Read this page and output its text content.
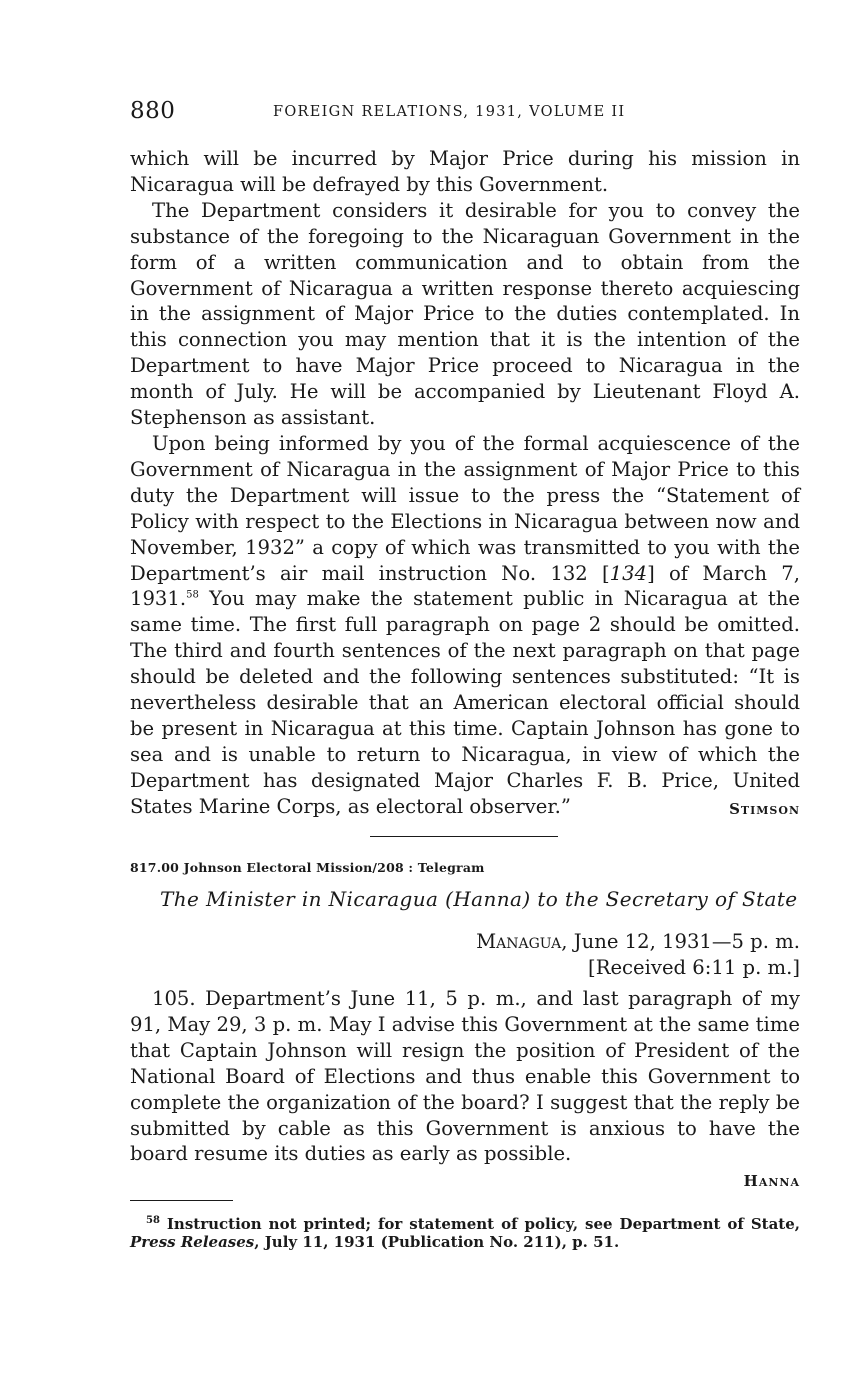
880	FOREIGN RELATIONS, 1931, VOLUME II

which will be incurred by Major Price during his mission in Nicaragua will be defrayed by this Government.

The Department considers it desirable for you to convey the substance of the foregoing to the Nicaraguan Government in the form of a written communication and to obtain from the Government of Nicaragua a written response thereto acquiescing in the assignment of Major Price to the duties contemplated. In this connection you may mention that it is the intention of the Department to have Major Price proceed to Nicaragua in the month of July. He will be accompanied by Lieutenant Floyd A. Stephenson as assistant.

Upon being informed by you of the formal acquiescence of the Government of Nicaragua in the assignment of Major Price to this duty the Department will issue to the press the “Statement of Policy with respect to the Elections in Nicaragua between now and November, 1932” a copy of which was transmitted to you with the Department’s air mail instruction No. 132 [134] of March 7, 1931.58 You may make the statement public in Nicaragua at the same time. The first full paragraph on page 2 should be omitted. The third and fourth sentences of the next paragraph on that page should be deleted and the following sentences substituted: “It is nevertheless desirable that an American electoral official should be present in Nicaragua at this time. Captain Johnson has gone to sea and is unable to return to Nicaragua, in view of which the Department has designated Major Charles F. B. Price, United States Marine Corps, as electoral observer.”	Stimson
817.00 Johnson Electoral Mission/208 : Telegram
The Minister in Nicaragua (Hanna) to the Secretary of State
Managua, June 12, 1931—5 p. m.
[Received 6:11 p. m.]

105. Department’s June 11, 5 p. m., and last paragraph of my 91, May 29, 3 p. m. May I advise this Government at the same time that Captain Johnson will resign the position of President of the National Board of Elections and thus enable this Government to complete the organization of the board? I suggest that the reply be submitted by cable as this Government is anxious to have the board resume its duties as early as possible.

Hanna

$^{58}$ Instruction not printed; for statement of policy, see Department of State, Press Releases, July 11, 1931 (Publication No. 211), p. 51.
